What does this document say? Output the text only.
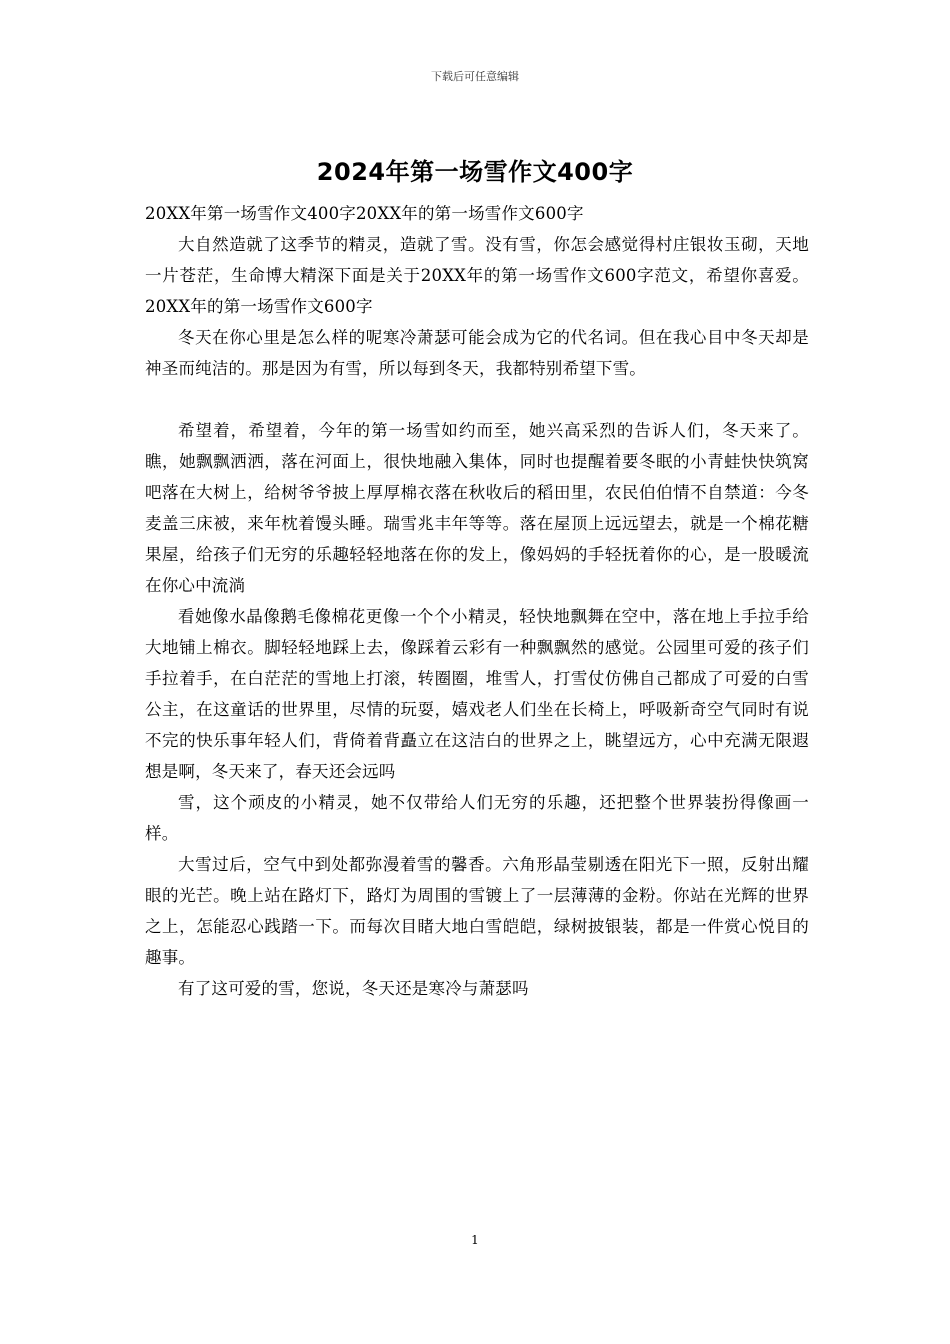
下载后可任意编辑
2024年第一场雪作文400字

20XX年第一场雪作文400字20XX年的第一场雪作文600字

大自然造就了这季节的精灵，造就了雪。没有雪，你怎会感觉得村庄银妆玉砌，天地一片苍茫，生命博大精深下面是关于20XX年的第一场雪作文600字范文，希望你喜爱。20XX年的第一场雪作文600字

冬天在你心里是怎么样的呢寒冷萧瑟可能会成为它的代名词。但在我心目中冬天却是神圣而纯洁的。那是因为有雪，所以每到冬天，我都特别希望下雪。

希望着，希望着，今年的第一场雪如约而至，她兴高采烈的告诉人们，冬天来了。瞧，她飘飘洒洒，落在河面上，很快地融入集体，同时也提醒着要冬眠的小青蛙快快筑窝吧落在大树上，给树爷爷披上厚厚棉衣落在秋收后的稻田里，农民伯伯情不自禁道：今冬麦盖三床被，来年枕着馒头睡。瑞雪兆丰年等等。落在屋顶上远远望去，就是一个棉花糖果屋，给孩子们无穷的乐趣轻轻地落在你的发上，像妈妈的手轻抚着你的心，是一股暖流在你心中流淌

看她像水晶像鹅毛像棉花更像一个个小精灵，轻快地飘舞在空中，落在地上手拉手给大地铺上棉衣。脚轻轻地踩上去，像踩着云彩有一种飘飘然的感觉。公园里可爱的孩子们手拉着手，在白茫茫的雪地上打滚，转圈圈，堆雪人，打雪仗仿佛自己都成了可爱的白雪公主，在这童话的世界里，尽情的玩耍，嬉戏老人们坐在长椅上，呼吸新奇空气同时有说不完的快乐事年轻人们，背倚着背矗立在这洁白的世界之上，眺望远方，心中充满无限遐想是啊，冬天来了，春天还会远吗

雪，这个顽皮的小精灵，她不仅带给人们无穷的乐趣，还把整个世界装扮得像画一样。

大雪过后，空气中到处都弥漫着雪的馨香。六角形晶莹剔透在阳光下一照，反射出耀眼的光芒。晚上站在路灯下，路灯为周围的雪镀上了一层薄薄的金粉。你站在光辉的世界之上，怎能忍心践踏一下。而每次目睹大地白雪皑皑，绿树披银装，都是一件赏心悦目的趣事。

有了这可爱的雪，您说，冬天还是寒冷与萧瑟吗

1
